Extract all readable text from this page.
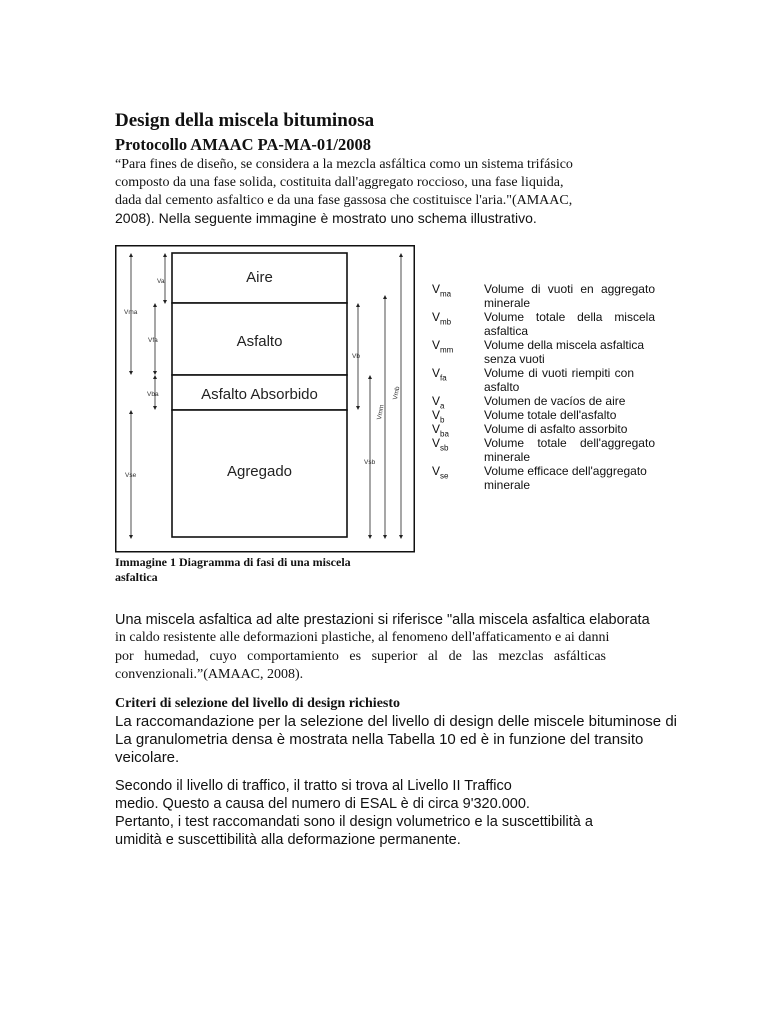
Design della miscela bituminosa
Protocollo AMAAC PA-MA-01/2008
“Para fines de diseño, se considera a la mezcla asfáltica como un sistema trifásico
composto da una fase solida, costituita dall'aggregato roccioso, una fase liquida,
dada dal cemento asfaltico e da una fase gassosa che costituisce l'aria."(AMAAC,
2008). Nella seguente immagine è mostrato uno schema illustrativo.
Aire
Asfalto
Asfalto Absorbido
Agregado
Va
Vma
Vfa
Vba
Vse
Vb
Vsb
Vmm
Vmb
Immagine 1 Diagramma di fasi di una miscela asfaltica
$V_{ma}$	Volume di vuoti en aggregato minerale
$V_{mb}$	Volume totale della miscela asfaltica
$V_{mm}$	Volume della miscela asfaltica senza vuoti
$V_{fa}$	Volume di vuoti riempiti con asfalto
$V_a$	Volumen de vacíos de aire
$V_b$	Volume totale dell'asfalto
$V_{ba}$	Volume di asfalto assorbito
$V_{sb}$	Volume totale dell'aggregato minerale
$V_{se}$	Volume efficace dell'aggregato minerale
Una miscela asfaltica ad alte prestazioni si riferisce "alla miscela asfaltica elaborata
in caldo resistente alle deformazioni plastiche, al fenomeno dell'affaticamento e ai danni
por humedad, cuyo comportamiento es superior al de las mezclas asfálticas
convenzionali.”(AMAAC, 2008).
Criteri di selezione del livello di design richiesto
La raccomandazione per la selezione del livello di design delle miscele bituminose di
La granulometria densa è mostrata nella Tabella 10 ed è in funzione del transito
veicolare.
Secondo il livello di traffico, il tratto si trova al Livello II Traffico
medio. Questo a causa del numero di ESAL è di circa 9'320.000.
Pertanto, i test raccomandati sono il design volumetrico e la suscettibilità a
umidità e suscettibilità alla deformazione permanente.
